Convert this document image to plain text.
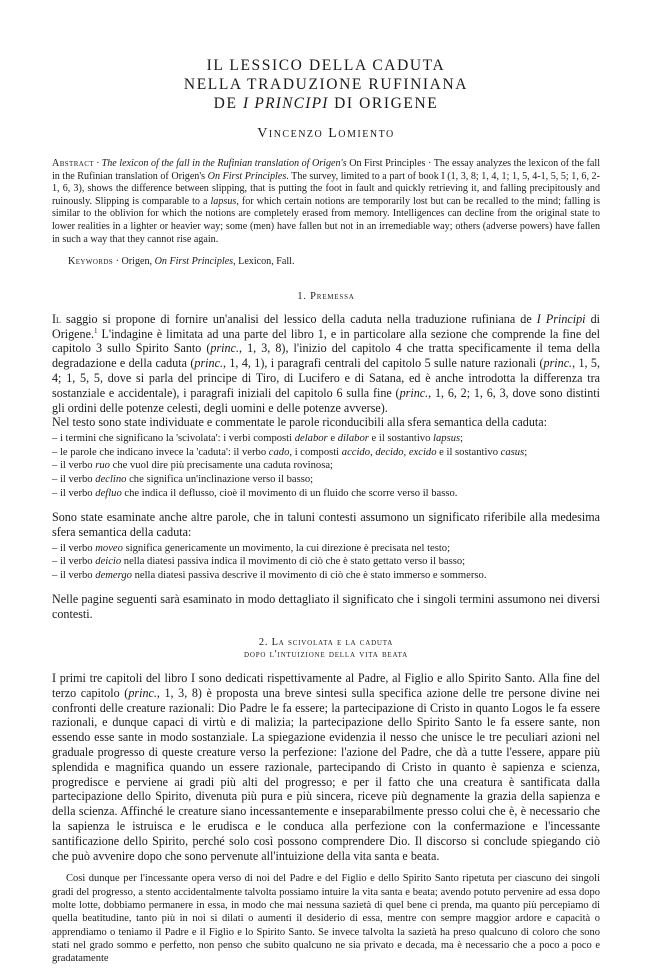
IL LESSICO DELLA CADUTA
NELLA TRADUZIONE RUFINIANA
DE I PRINCIPI DI ORIGENE
Vincenzo Lomiento

Abstract · The lexicon of the fall in the Rufinian translation of Origen's On First Principles · The essay analyzes the lexicon of the fall in the Rufinian translation of Origen's On First Principles. The survey, limited to a part of book I (1, 3, 8; 1, 4, 1; 1, 5, 4-1, 5, 5; 1, 6, 2-1, 6, 3), shows the difference between slipping, that is putting the foot in fault and quickly retrieving it, and falling precipitously and ruinously. Slipping is comparable to a lapsus, for which certain notions are temporarily lost but can be recalled to the mind; falling is similar to the oblivion for which the notions are completely erased from memory. Intelligences can decline from the original state to lower realities in a lighter or heavier way; some (men) have fallen but not in an irremediable way; others (adverse powers) have fallen in such a way that they cannot rise again.

Keywords · Origen, On First Principles, Lexicon, Fall.
1. Premessa

Il saggio si propone di fornire un'analisi del lessico della caduta nella traduzione rufiniana de I Principi di Origene.$^1$ L'indagine è limitata ad una parte del libro 1, e in particolare alla sezione che comprende la fine del capitolo 3 sullo Spirito Santo (princ., 1, 3, 8), l'inizio del capitolo 4 che tratta specificamente il tema della degradazione e della caduta (princ., 1, 4, 1), i paragrafi centrali del capitolo 5 sulle nature razionali (princ., 1, 5, 4; 1, 5, 5, dove si parla del principe di Tiro, di Lucifero e di Satana, ed è anche introdotta la differenza tra sostanziale e accidentale), i paragrafi iniziali del capitolo 6 sulla fine (princ., 1, 6, 2; 1, 6, 3, dove sono distinti gli ordini delle potenze celesti, degli uomini e delle potenze avverse).

Nel testo sono state individuate e commentate le parole riconducibili alla sfera semantica della caduta:

– i termini che significano la 'scivolata': i verbi composti delabor e dilabor e il sostantivo lapsus;
– le parole che indicano invece la 'caduta': il verbo cado, i composti accido, decido, excido e il sostantivo casus;
– il verbo ruo che vuol dire più precisamente una caduta rovinosa;
– il verbo declino che significa un'inclinazione verso il basso;
– il verbo defluo che indica il deflusso, cioè il movimento di un fluido che scorre verso il basso.

Sono state esaminate anche altre parole, che in taluni contesti assumono un significato riferibile alla medesima sfera semantica della caduta:

– il verbo moveo significa genericamente un movimento, la cui direzione è precisata nel testo;
– il verbo deicio nella diatesi passiva indica il movimento di ciò che è stato gettato verso il basso;
– il verbo demergo nella diatesi passiva descrive il movimento di ciò che è stato immerso e sommerso.

Nelle pagine seguenti sarà esaminato in modo dettagliato il significato che i singoli termini assumono nei diversi contesti.

2. La scivolata e la caduta
dopo l'intuizione della vita beata

I primi tre capitoli del libro I sono dedicati rispettivamente al Padre, al Figlio e allo Spirito Santo. Alla fine del terzo capitolo (princ., 1, 3, 8) è proposta una breve sintesi sulla specifica azione delle tre persone divine nei confronti delle creature razionali: Dio Padre le fa essere; la partecipazione di Cristo in quanto Logos le fa essere razionali, e dunque capaci di virtù e di malizia; la partecipazione dello Spirito Santo le fa essere sante, non essendo esse sante in modo sostanziale. La spiegazione evidenzia il nesso che unisce le tre peculiari azioni nel graduale progresso di queste creature verso la perfezione: l'azione del Padre, che dà a tutte l'essere, appare più splendida e magnifica quando un essere razionale, partecipando di Cristo in quanto è sapienza e scienza, progredisce e perviene ai gradi più alti del progresso; e per il fatto che una creatura è santificata dalla partecipazione dello Spirito, divenuta più pura e più sincera, riceve più degnamente la grazia della sapienza e della scienza. Affinché le creature siano incessantemente e inseparabilmente presso colui che è, è necessario che la sapienza le istruisca e le erudisca e le conduca alla perfezione con la confermazione e l'incessante santificazione dello Spirito, perché solo così possono comprendere Dio. Il discorso si conclude spiegando ciò che può avvenire dopo che sono pervenute all'intuizione della vita santa e beata.

Cosi dunque per l'incessante opera verso di noi del Padre e del Figlio e dello Spirito Santo ripetuta per ciascuno dei singoli gradi del progresso, a stento accidentalmente talvolta possiamo intuire la vita santa e beata; avendo potuto pervenire ad essa dopo molte lotte, dobbiamo permanere in essa, in modo che mai nessuna sazietà di quel bene ci prenda, ma quanto più percepiamo di quella beatitudine, tanto più in noi si dilati o aumenti il desiderio di essa, mentre con sempre maggior ardore e capacità o apprendiamo o teniamo il Padre e il Figlio e lo Spirito Santo. Se invece talvolta la sazietà ha preso qualcuno di coloro che sono stati nel grado sommo e perfetto, non penso che subito qualcuno ne sia privato e decada, ma è necessario che a poco a poco e gradatamente
